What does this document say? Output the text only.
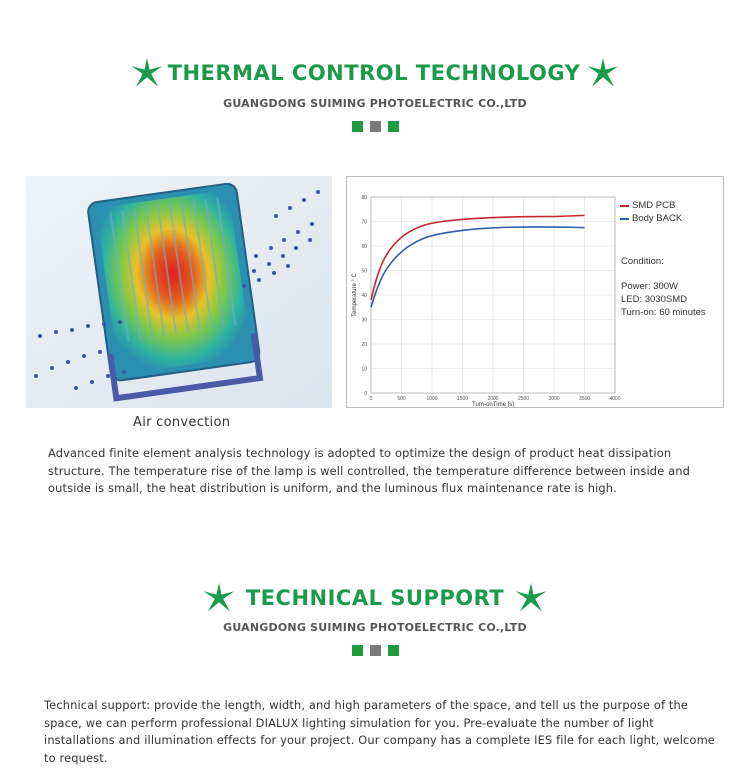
THERMAL CONTROL TECHNOLOGY
GUANGDONG SUIMING PHOTOELECTRIC CO.,LTD
Air convection
0
10
20
30
40
50
60
70
80
0	500	1000	1500	2000	2500	3000	3500	4000
Turn-onTime [s]
Temperature ° C
SMD PCB
Body BACK
Condition:
Power: 300W
LED: 3030SMD
Turn-on: 60 minutes
Advanced finite element analysis technology is adopted to optimize the design of product heat dissipation structure. The temperature rise of the lamp is well controlled, the temperature difference between inside and outside is small, the heat distribution is uniform, and the luminous flux maintenance rate is high.
TECHNICAL SUPPORT
GUANGDONG SUIMING PHOTOELECTRIC CO.,LTD
Technical support: provide the length, width, and high parameters of the space, and tell us the purpose of the space, we can perform professional DIALUX lighting simulation for you. Pre-evaluate the number of light installations and illumination effects for your project. Our company has a complete IES file for each light, welcome to request.
